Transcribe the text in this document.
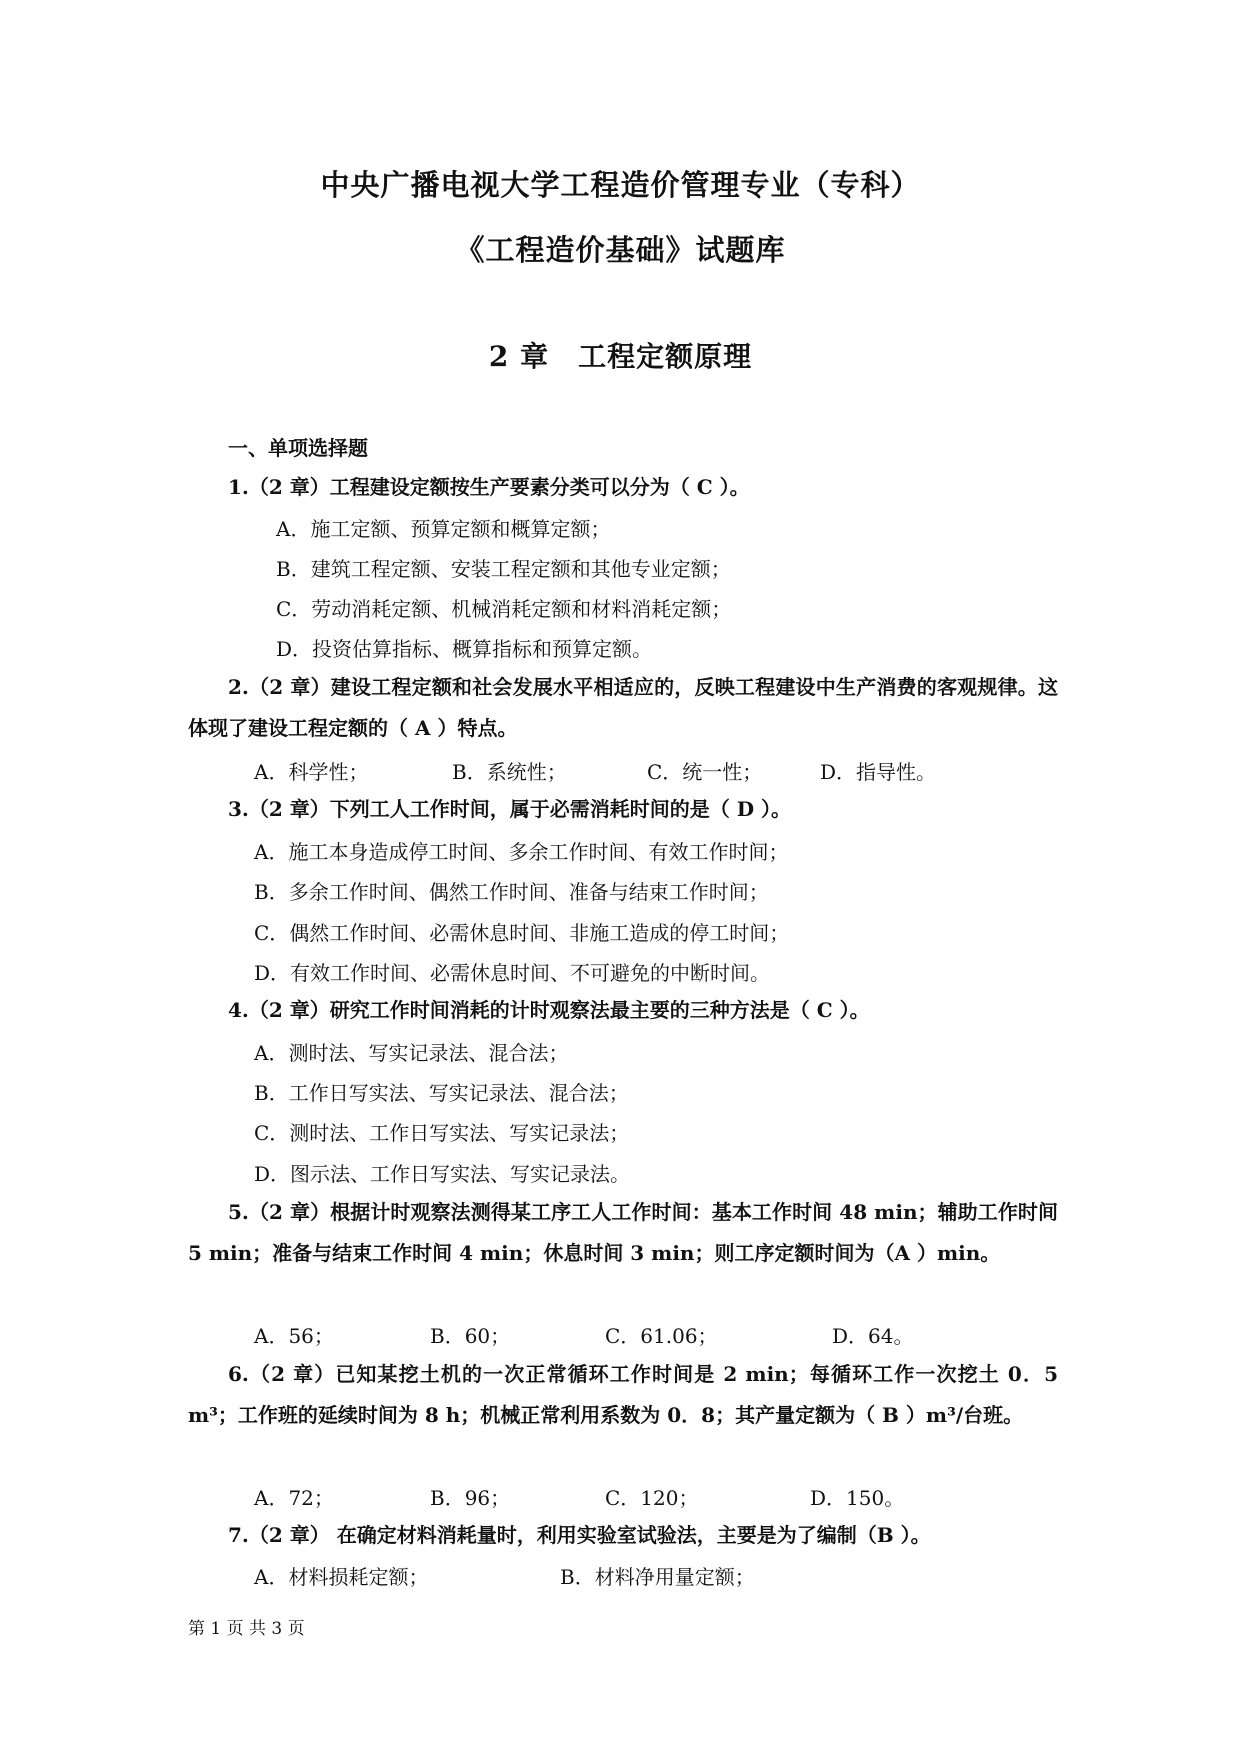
中央广播电视大学工程造价管理专业（专科）
《工程造价基础》试题库
2 章　工程定额原理
一、单项选择题
1.（2 章）工程建设定额按生产要素分类可以分为（ C ）。
A．施工定额、预算定额和概算定额；
B．建筑工程定额、安装工程定额和其他专业定额；
C．劳动消耗定额、机械消耗定额和材料消耗定额；
D．投资估算指标、概算指标和预算定额。
2.（2 章）建设工程定额和社会发展水平相适应的，反映工程建设中生产消费的客观规律。这体现了建设工程定额的（ A ）特点。
A．科学性；	B．系统性；	C．统一性；	D．指导性。
3.（2 章）下列工人工作时间，属于必需消耗时间的是（ D ）。
A．施工本身造成停工时间、多余工作时间、有效工作时间；
B．多余工作时间、偶然工作时间、准备与结束工作时间；
C．偶然工作时间、必需休息时间、非施工造成的停工时间；
D．有效工作时间、必需休息时间、不可避免的中断时间。
4.（2 章）研究工作时间消耗的计时观察法最主要的三种方法是（ C ）。
A．测时法、写实记录法、混合法；
B．工作日写实法、写实记录法、混合法；
C．测时法、工作日写实法、写实记录法；
D．图示法、工作日写实法、写实记录法。
5.（2 章）根据计时观察法测得某工序工人工作时间：基本工作时间 48 min；辅助工作时间 5 min；准备与结束工作时间 4 min；休息时间 3 min；则工序定额时间为（A ）min。
A．56；	B．60；	C．61.06；	D．64。
6.（2 章）已知某挖土机的一次正常循环工作时间是 2 min；每循环工作一次挖土 0．5 m³；工作班的延续时间为 8 h；机械正常利用系数为 0．8；其产量定额为（ B ）m³/台班。
A．72；	B．96；	C．120；	D．150。
7.（2 章） 在确定材料消耗量时，利用实验室试验法，主要是为了编制（B ）。
A．材料损耗定额；	B．材料净用量定额；
第 1 页 共 3 页
